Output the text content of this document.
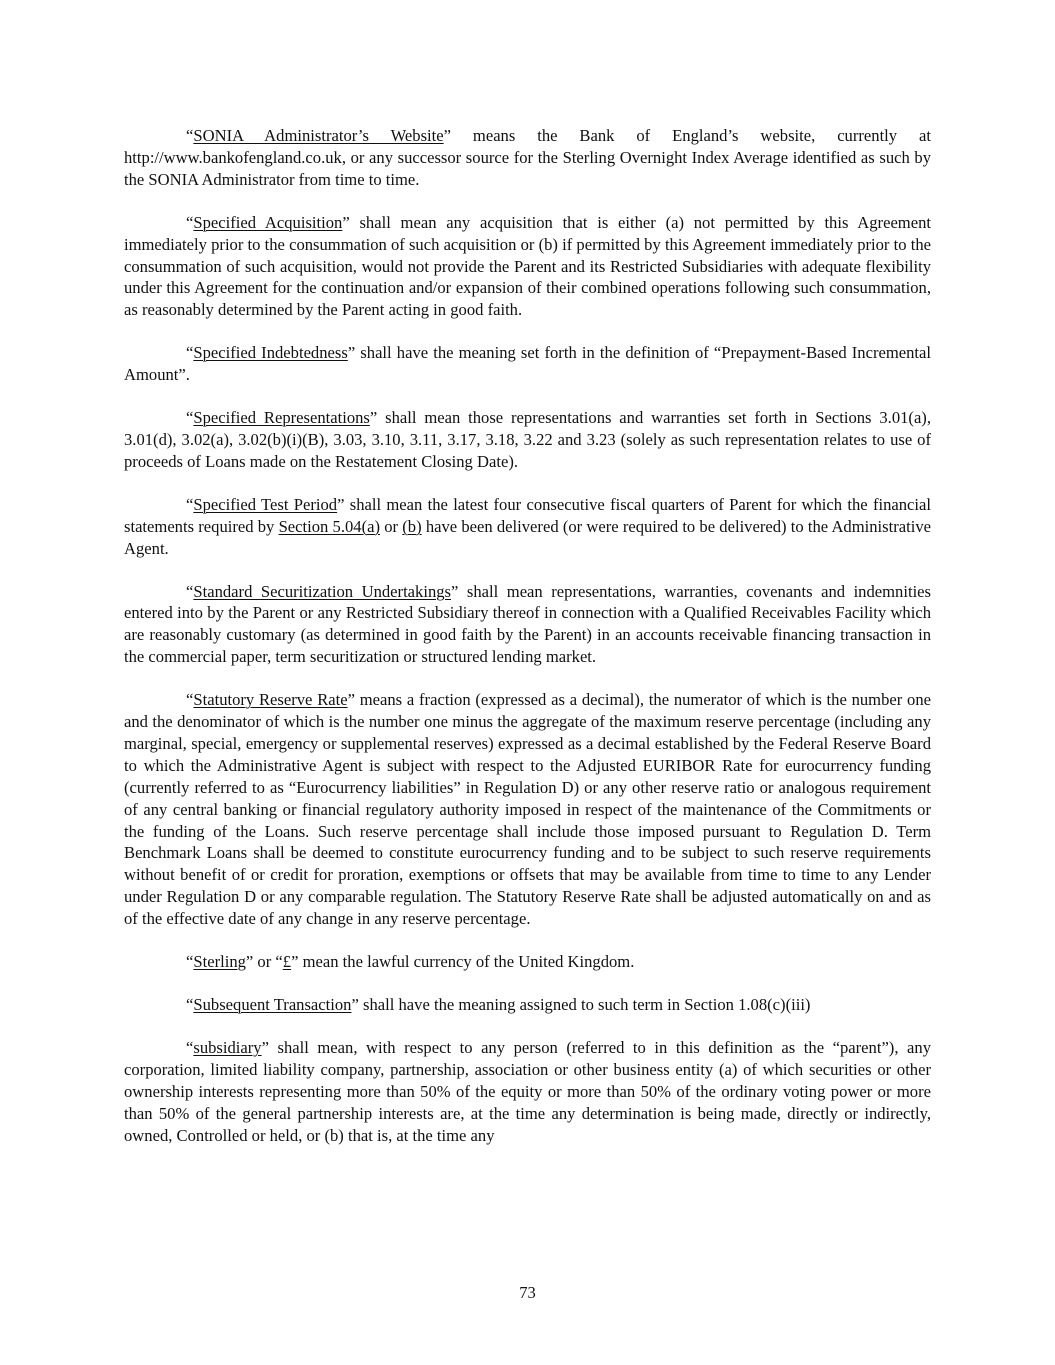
“SONIA Administrator’s Website” means the Bank of England’s website, currently at http://www.bankofengland.co.uk, or any successor source for the Sterling Overnight Index Average identified as such by the SONIA Administrator from time to time.

“Specified Acquisition” shall mean any acquisition that is either (a) not permitted by this Agreement immediately prior to the consummation of such acquisition or (b) if permitted by this Agreement immediately prior to the consummation of such acquisition, would not provide the Parent and its Restricted Subsidiaries with adequate flexibility under this Agreement for the continuation and/or expansion of their combined operations following such consummation, as reasonably determined by the Parent acting in good faith.

“Specified Indebtedness” shall have the meaning set forth in the definition of “Prepayment-Based Incremental Amount”.

“Specified Representations” shall mean those representations and warranties set forth in Sections 3.01(a), 3.01(d), 3.02(a), 3.02(b)(i)(B), 3.03, 3.10, 3.11, 3.17, 3.18, 3.22 and 3.23 (solely as such representation relates to use of proceeds of Loans made on the Restatement Closing Date).

“Specified Test Period” shall mean the latest four consecutive fiscal quarters of Parent for which the financial statements required by Section 5.04(a) or (b) have been delivered (or were required to be delivered) to the Administrative Agent.

“Standard Securitization Undertakings” shall mean representations, warranties, covenants and indemnities entered into by the Parent or any Restricted Subsidiary thereof in connection with a Qualified Receivables Facility which are reasonably customary (as determined in good faith by the Parent) in an accounts receivable financing transaction in the commercial paper, term securitization or structured lending market.

“Statutory Reserve Rate” means a fraction (expressed as a decimal), the numerator of which is the number one and the denominator of which is the number one minus the aggregate of the maximum reserve percentage (including any marginal, special, emergency or supplemental reserves) expressed as a decimal established by the Federal Reserve Board to which the Administrative Agent is subject with respect to the Adjusted EURIBOR Rate for eurocurrency funding (currently referred to as “Eurocurrency liabilities” in Regulation D) or any other reserve ratio or analogous requirement of any central banking or financial regulatory authority imposed in respect of the maintenance of the Commitments or the funding of the Loans. Such reserve percentage shall include those imposed pursuant to Regulation D. Term Benchmark Loans shall be deemed to constitute eurocurrency funding and to be subject to such reserve requirements without benefit of or credit for proration, exemptions or offsets that may be available from time to time to any Lender under Regulation D or any comparable regulation. The Statutory Reserve Rate shall be adjusted automatically on and as of the effective date of any change in any reserve percentage.

“Sterling” or “£” mean the lawful currency of the United Kingdom.

“Subsequent Transaction” shall have the meaning assigned to such term in Section 1.08(c)(iii)

“subsidiary” shall mean, with respect to any person (referred to in this definition as the “parent”), any corporation, limited liability company, partnership, association or other business entity (a) of which securities or other ownership interests representing more than 50% of the equity or more than 50% of the ordinary voting power or more than 50% of the general partnership interests are, at the time any determination is being made, directly or indirectly, owned, Controlled or held, or (b) that is, at the time any

73
